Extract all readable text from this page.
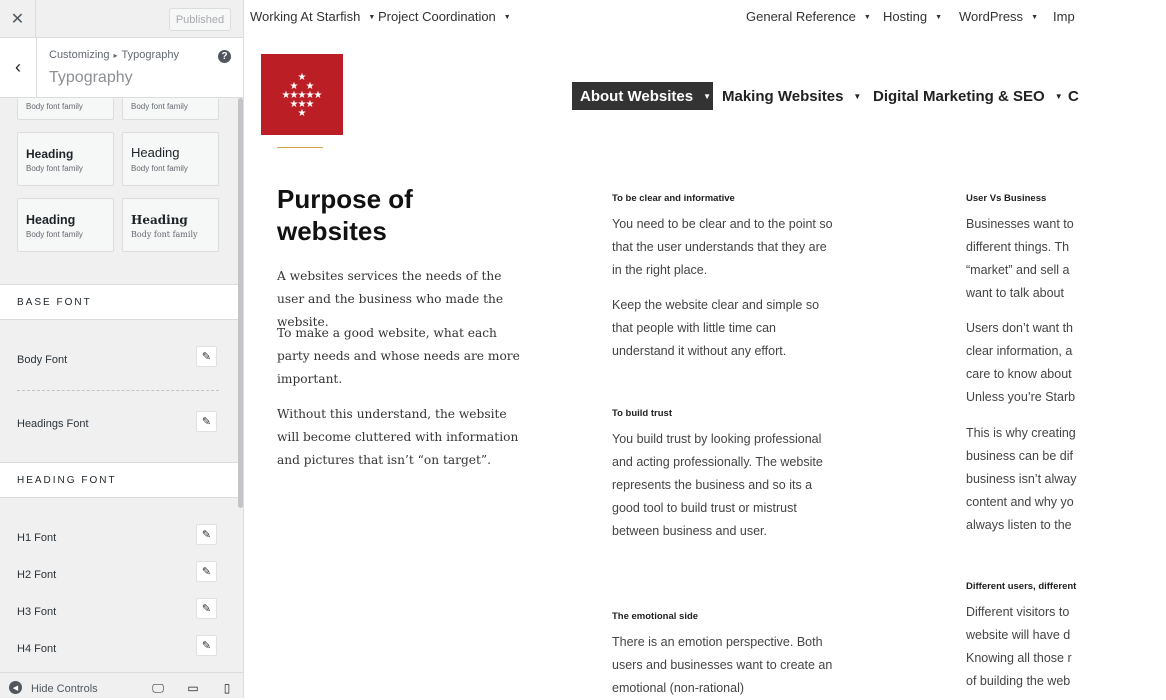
Body font family	Body font family
Heading
Body font family
Heading
Body font family
Heading
Body font family
Heading
Body font family
BASE FONT
Body Font	✎
Headings Font	✎
HEADING FONT
H1 Font	✎
H2 Font	✎
H3 Font	✎
H4 Font	✎
✕	Published
‹
Customizing ▸ Typography
Typography
?
◀	Hide Controls	🖵 ▭	▯
Working At Starfish ▼ Project Coordination ▼	General Reference ▼ Hosting ▼ WordPress ▼ Imp
★
★ ★
★ ★ ★ ★ ★
★ ★ ★
★
About Websites ▼ Making Websites ▼ Digital Marketing & SEO ▼ C
Purpose of websites

A websites services the needs of the user and the business who made the website.

To make a good website, what each party needs and whose needs are more important.

Without this understand, the website will become cluttered with information and pictures that isn’t “on target”.

To be clear and informative

You need to be clear and to the point so that the user understands that they are in the right place.

Keep the website clear and simple so that people with little time can understand it without any effort.

To build trust

You build trust by looking professional and acting professionally. The website represents the business and so its a good tool to build trust or mistrust between business and user.

The emotional side

There is an emotion perspective. Both users and businesses want to create an emotional (non-rational)

User Vs Business
Businesses want to
different things. Th
“market” and sell a
want to talk about
Users don’t want th
clear information, a
care to know about
Unless you’re Starb
This is why creating
business can be dif
business isn’t alway
content and why yo
always listen to the
Different users, different
Different visitors to
website will have d
Knowing all those r
of building the web
